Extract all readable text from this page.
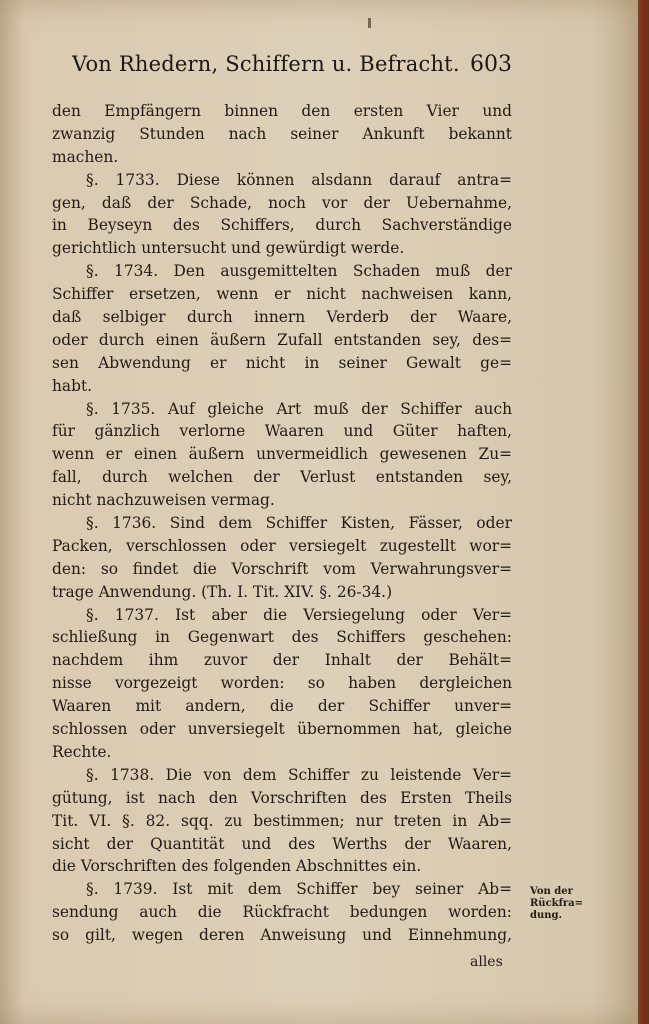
Von Rhedern, Schiffern u. Befracht. 603
den Empfängern binnen den ersten Vier und
zwanzig Stunden nach seiner Ankunft bekannt
machen.
§. 1733. Diese können alsdann darauf antra=
gen, daß der Schade, noch vor der Uebernahme,
in Beyseyn des Schiffers, durch Sachverständige
gerichtlich untersucht und gewürdigt werde.
§. 1734. Den ausgemittelten Schaden muß der
Schiffer ersetzen, wenn er nicht nachweisen kann,
daß selbiger durch innern Verderb der Waare,
oder durch einen äußern Zufall entstanden sey, des=
sen Abwendung er nicht in seiner Gewalt ge=
habt.
§. 1735. Auf gleiche Art muß der Schiffer auch
für gänzlich verlorne Waaren und Güter haften,
wenn er einen äußern unvermeidlich gewesenen Zu=
fall, durch welchen der Verlust entstanden sey,
nicht nachzuweisen vermag.
§. 1736. Sind dem Schiffer Kisten, Fässer, oder
Packen, verschlossen oder versiegelt zugestellt wor=
den: so findet die Vorschrift vom Verwahrungsver=
trage Anwendung. (Th. I. Tit. XIV. §. 26-34.)
§. 1737. Ist aber die Versiegelung oder Ver=
schließung in Gegenwart des Schiffers geschehen:
nachdem ihm zuvor der Inhalt der Behält=
nisse vorgezeigt worden: so haben dergleichen
Waaren mit andern, die der Schiffer unver=
schlossen oder unversiegelt übernommen hat, gleiche
Rechte.
§. 1738. Die von dem Schiffer zu leistende Ver=
gütung, ist nach den Vorschriften des Ersten Theils
Tit. VI. §. 82. sqq. zu bestimmen; nur treten in Ab=
sicht der Quantität und des Werths der Waaren,
die Vorschriften des folgenden Abschnittes ein.
§. 1739. Ist mit dem Schiffer bey seiner Ab=
sendung auch die Rückfracht bedungen worden:
so gilt, wegen deren Anweisung und Einnehmung,
Von der
Rückfra=
dung.
alles
